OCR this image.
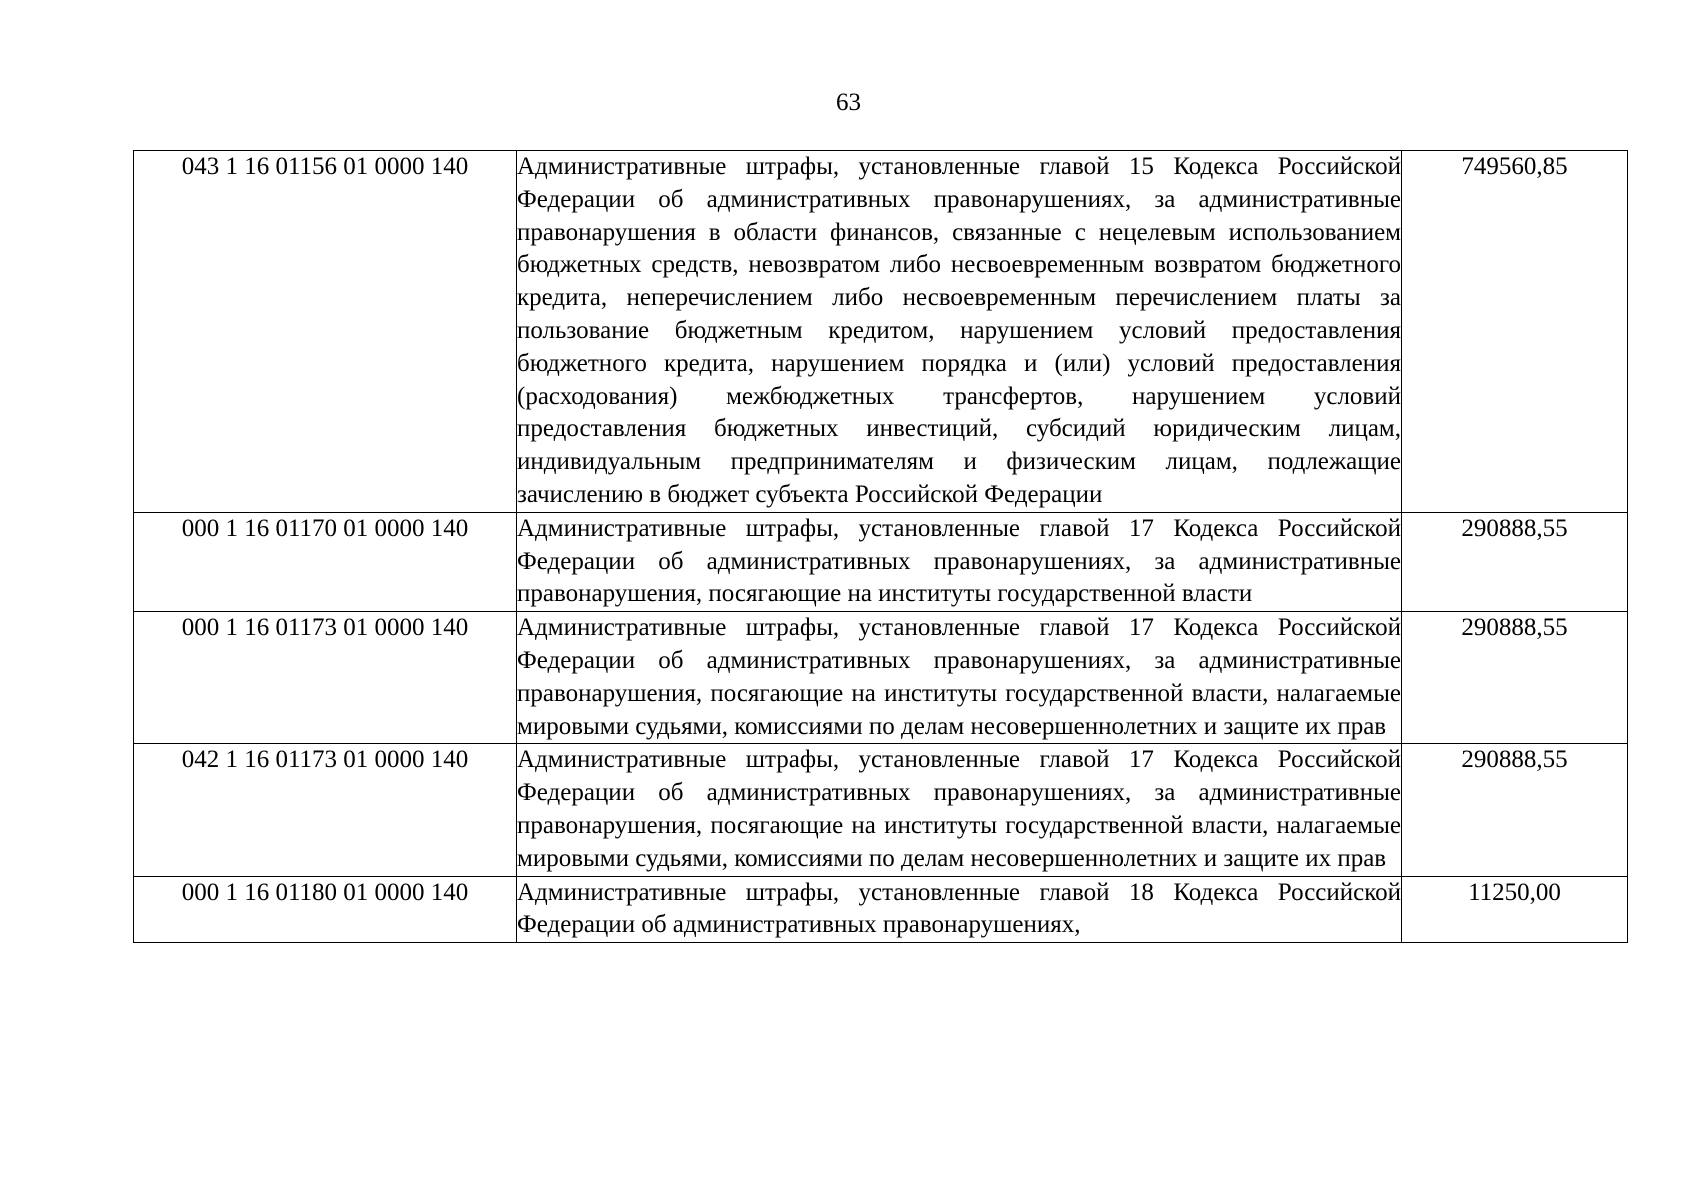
63
043 1 16 01156 01 0000 140	Административные штрафы, установленные главой 15 Кодекса Российской Федерации об административных правонарушениях, за административные правонарушения в области финансов, связанные с нецелевым использованием бюджетных средств, невозвратом либо несвоевременным возвратом бюджетного кредита, неперечислением либо несвоевременным перечислением платы за пользование бюджетным кредитом, нарушением условий предоставления бюджетного кредита, нарушением порядка и (или) условий предоставления (расходования) межбюджетных трансфертов, нарушением условий предоставления бюджетных инвестиций, субсидий юридическим лицам, индивидуальным предпринимателям и физическим лицам, подлежащие зачислению в бюджет субъекта Российской Федерации	749560,85
000 1 16 01170 01 0000 140	Административные штрафы, установленные главой 17 Кодекса Российской Федерации об административных правонарушениях, за административные правонарушения, посягающие на институты государственной власти	290888,55
000 1 16 01173 01 0000 140	Административные штрафы, установленные главой 17 Кодекса Российской Федерации об административных правонарушениях, за административные правонарушения, посягающие на институты государственной власти, налагаемые мировыми судьями, комиссиями по делам несовершеннолетних и защите их прав	290888,55
042 1 16 01173 01 0000 140	Административные штрафы, установленные главой 17 Кодекса Российской Федерации об административных правонарушениях, за административные правонарушения, посягающие на институты государственной власти, налагаемые мировыми судьями, комиссиями по делам несовершеннолетних и защите их прав	290888,55
000 1 16 01180 01 0000 140	Административные штрафы, установленные главой 18 Кодекса Российской Федерации об административных правонарушениях,	11250,00
